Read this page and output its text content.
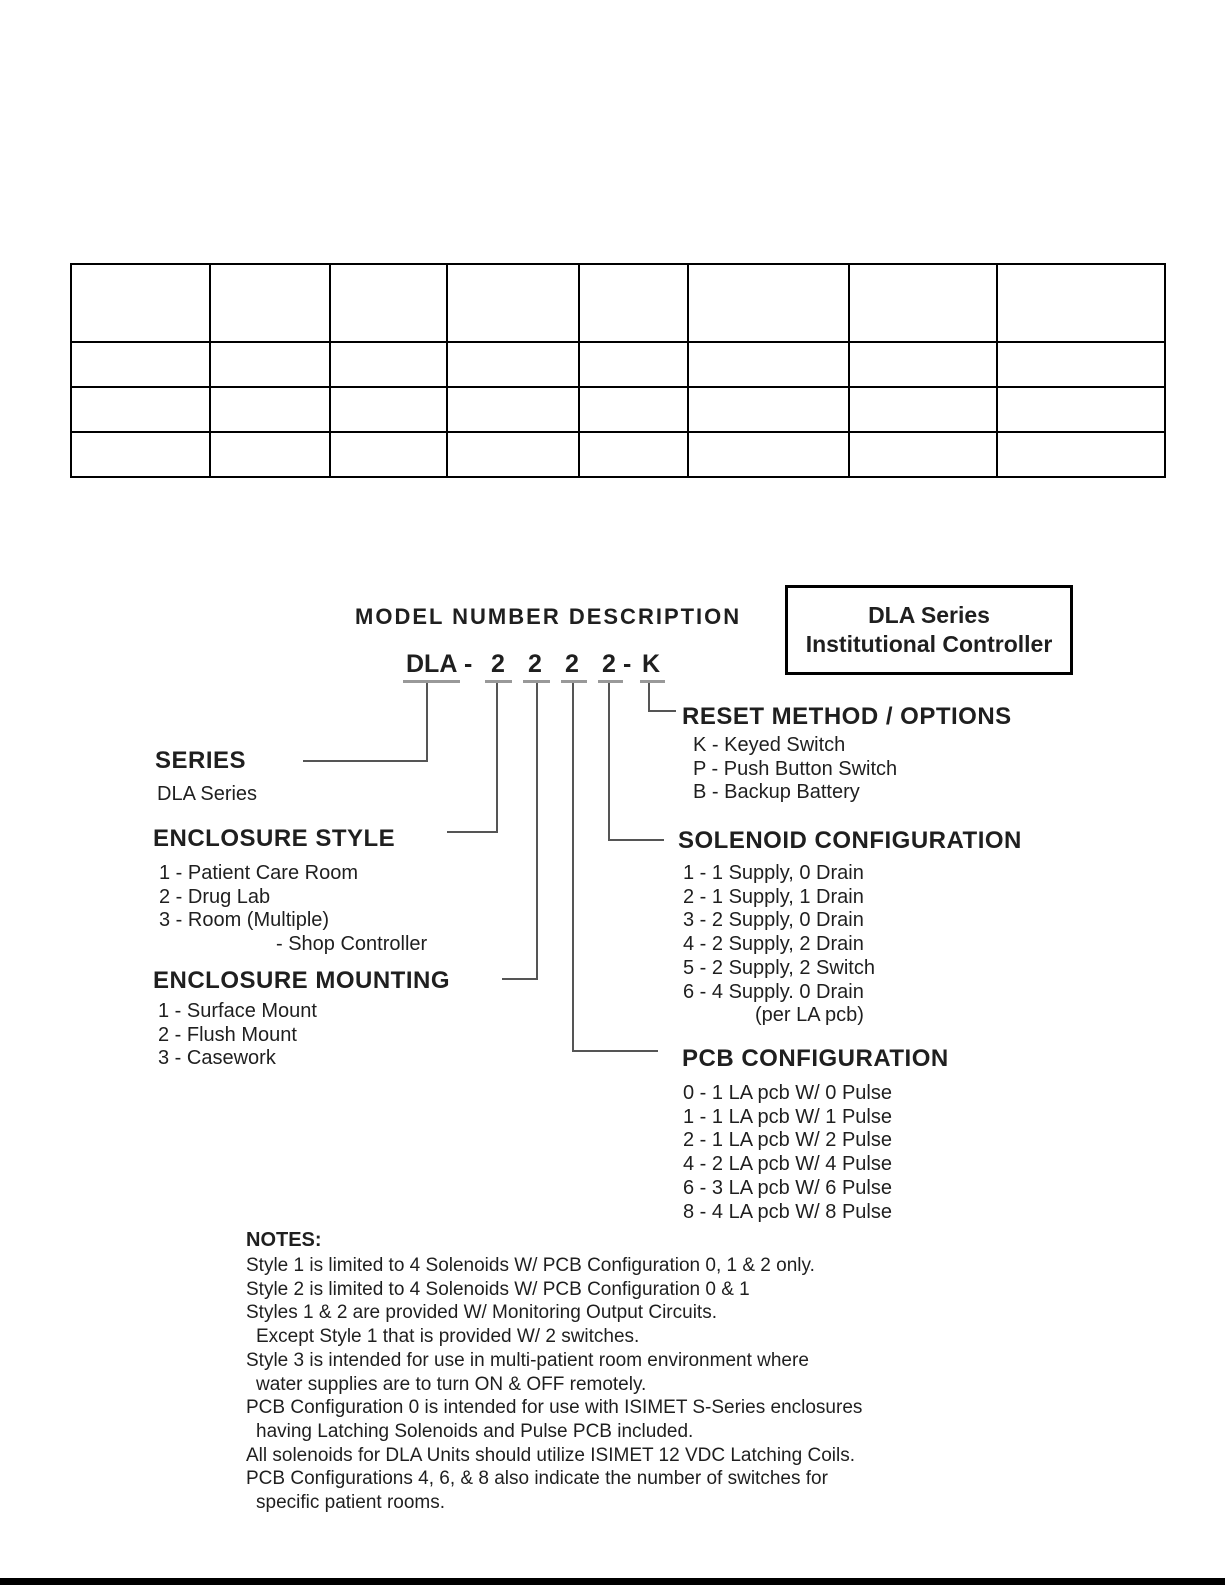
MODEL NUMBER DESCRIPTION	DLA Series
Institutional Controller
DLA - 2 2 2 2 - K
SERIES
DLA Series
ENCLOSURE STYLE
1 - Patient Care Room
2 - Drug Lab
3 - Room (Multiple)
- Shop Controller
ENCLOSURE MOUNTING
1 - Surface Mount
2 - Flush Mount
3 - Casework
RESET METHOD / OPTIONS
K - Keyed Switch
P - Push Button Switch
B - Backup Battery
SOLENOID CONFIGURATION
1 - 1 Supply, 0 Drain
2 - 1 Supply, 1 Drain
3 - 2 Supply, 0 Drain
4 - 2 Supply, 2 Drain
5 - 2 Supply, 2 Switch
6 - 4 Supply. 0 Drain
(per LA pcb)
PCB CONFIGURATION
0 - 1 LA pcb W/ 0 Pulse
1 - 1 LA pcb W/ 1 Pulse
2 - 1 LA pcb W/ 2 Pulse
4 - 2 LA pcb W/ 4 Pulse
6 - 3 LA pcb W/ 6 Pulse
8 - 4 LA pcb W/ 8 Pulse
NOTES:
Style 1 is limited to 4 Solenoids W/ PCB Configuration 0, 1 & 2 only.
Style 2 is limited to 4 Solenoids W/ PCB Configuration 0 & 1
Styles 1 & 2 are provided W/ Monitoring Output Circuits.
Except Style 1 that is provided W/ 2 switches.
Style 3 is intended for use in multi-patient room environment where
water supplies are to turn ON & OFF remotely.
PCB Configuration 0 is intended for use with ISIMET S-Series enclosures
having Latching Solenoids and Pulse PCB included.
All solenoids for DLA Units should utilize ISIMET 12 VDC Latching Coils.
PCB Configurations 4, 6, & 8 also indicate the number of switches for
specific patient rooms.
